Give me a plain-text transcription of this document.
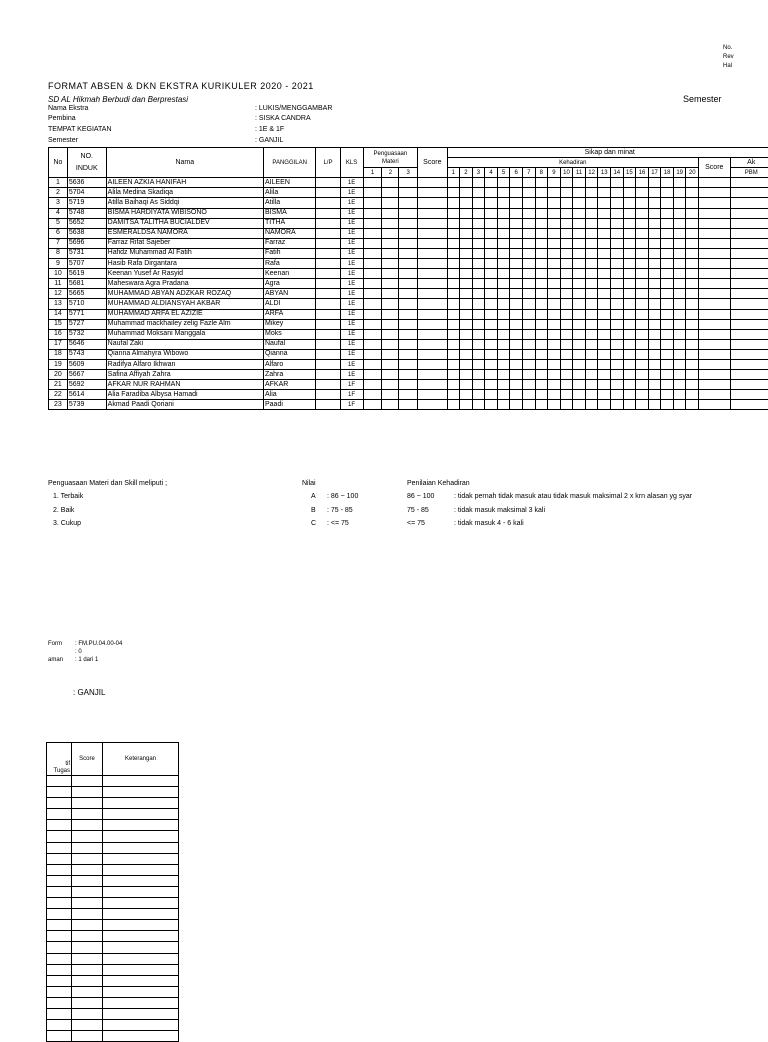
No.
Rev
Hal
FORMAT ABSEN & DKN EKSTRA KURIKULER 2020 - 2021
SD AL Hikmah Berbudi dan Berprestasi	Semester
Nama Ekstra	: LUKIS/MENGGAMBAR
Pembina	: SISKA CANDRA
TEMPAT KEGIATAN	: 1E & 1F
Semester	: GANJIL
No	NO. INDUK	Nama	PANGGILAN	L/P	KLS	Penguasaan Materi			Score	Sikap dan minat																					
										Kehadiran																				Score	Ak
						1	2	3		1	2	3	4	5	6	7	8	9	10	11	12	13	14	15	16	17	18	19	20		PBM
1	5636	AILEEN AZKIA HANIFAH	AILEEN		1E																										
2	5704	Alila Medina Skadiqa	Alila		1E																										
3	5719	Atilla Baihaqi As Siddqi	Atilla		1E																										
4	5748	BISMA HARDIYATA WIBISONO	BISMA		1E																										
5	5652	DAMITSA TALITHA BUCIALDEV	TITHA		1E																										
6	5638	ESMERALDSA NAMORA	NAMORA		1E																										
7	5696	Farraz Rifat Sajeber	Farraz		1E																										
8	5731	Hafidz Muhammad Al Fatih	Fatih		1E																										
9	5707	Hasib Rafa Dirgantara	Rafa		1E																										
10	5619	Keenan Yusef Ar Rasyid	Keenan		1E																										
11	5681	Maheswara Agra Pradana	Agra		1E																										
12	5665	MUHAMMAD ABYAN ADZKAR ROZAQ	ABYAN		1E																										
13	5710	MUHAMMAD ALDIANSYAH AKBAR	ALDI		1E																										
14	5771	MUHAMMAD ARFA EL AZIZIE	ARFA		1E																										
15	5727	Muhammad mackhailey zelig Fazle Alm	Mikey		1E																										
16	5732	Muhammad Moksani Manggala	Moks		1E																										
17	5646	Naufal Zaki	Naufal		1E																										
18	5743	Qianna Almahyra Wibowo	Qianna		1E																										
19	5609	Radifya Alfaro Ikhwan	Alfaro		1E																										
20	5667	Safina Affiyah Zahra	Zahra		1E																										
21	5692	AFKAR NUR RAHMAN	AFKAR		1F																										
22	5614	Alia Faradiba Albysa Hamadi	Alia		1F																										
23	5739	Akmad Paadi Qoriani	Paadi		1F																										
Penguasaan Materi dan Skill meliputi ;
1. Terbaik
2. Baik
3. Cukup
Nilai
A : 86 ~ 100
B : 75 - 85
C : <= 75
Penilaian Kehadiran
86 ~ 100	: tidak pernah tidak masuk atau tidak masuk maksimal 2 x krn alasan yg syar
75 - 85	: tidak masuk maksimal 3 kali
<= 75	: tidak masuk 4 - 6 kali
Form : FM.PU.04.00-04
: 0
aman : 1 dari 1
: GANJIL
tif
Tugas	Score	Keterangan
